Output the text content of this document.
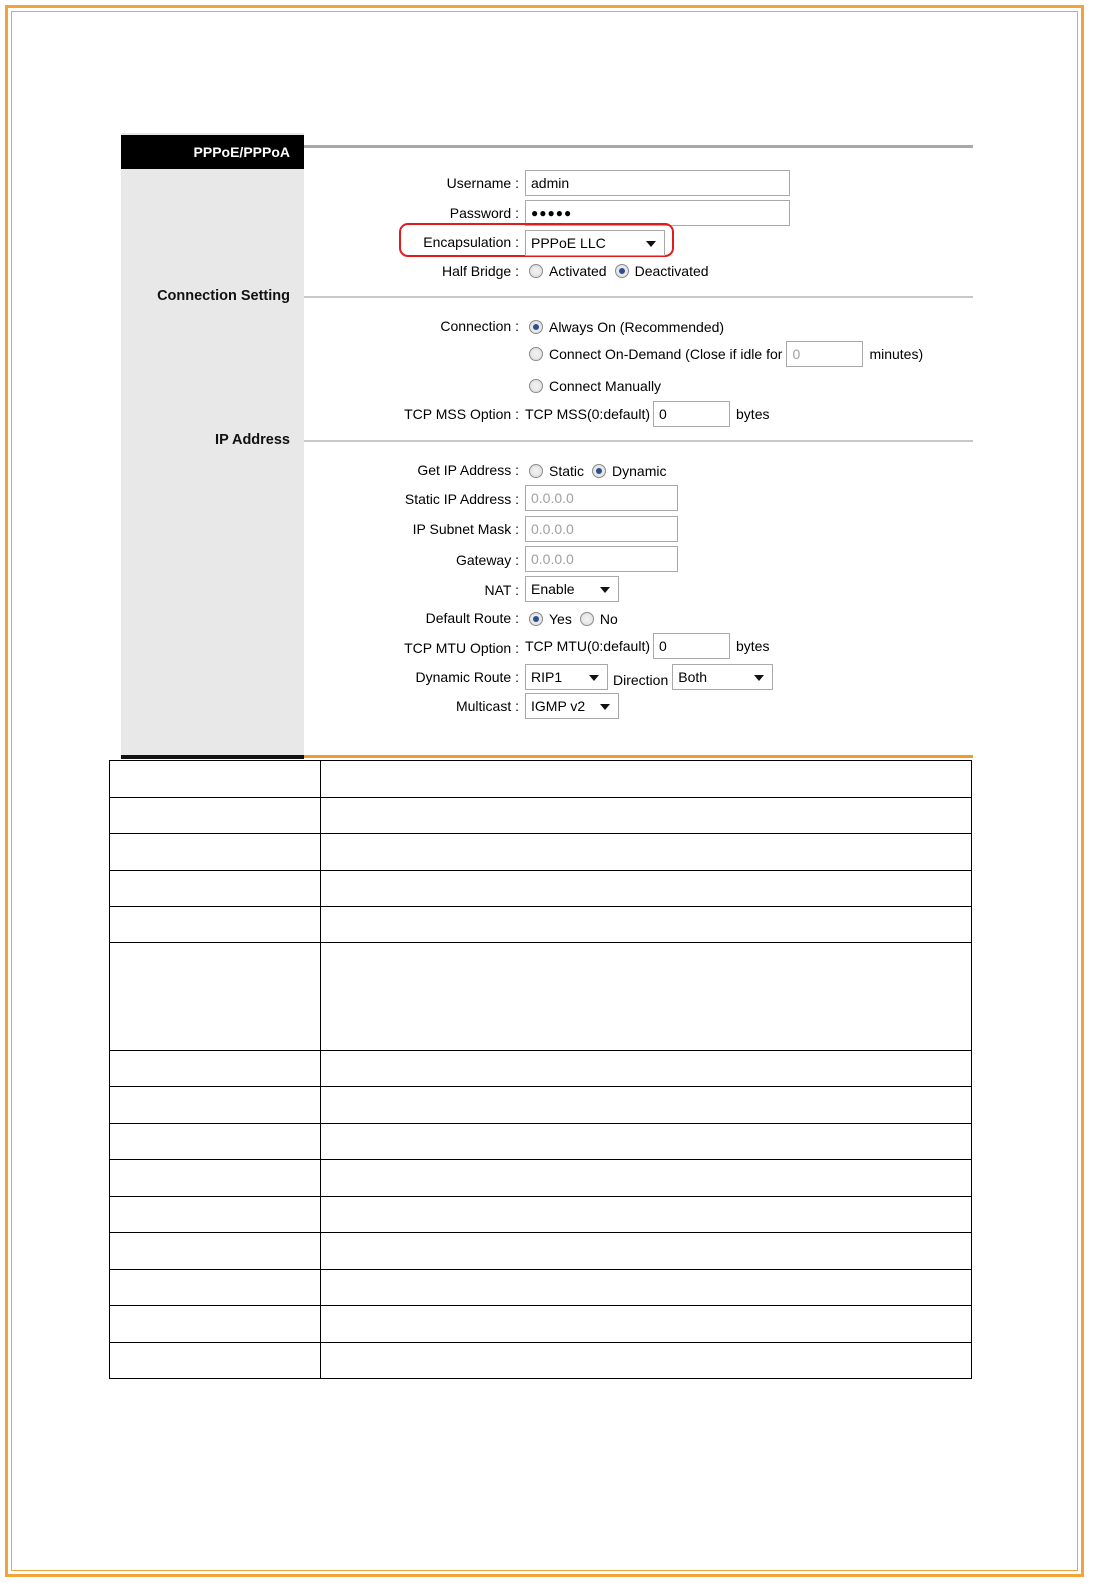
PPPoE/PPPoA
Connection Setting
IP Address
Username : admin
Password :	●●●●●
Encapsulation : PPPoE LLC
Half Bridge : Activated Deactivated
Connection : Always On (Recommended)
Connect On-Demand (Close if idle for 0	minutes)
Connect Manually
TCP MSS Option : TCP MSS(0:default) 0	bytes
Get IP Address : Static Dynamic
Static IP Address : 0.0.0.0
IP Subnet Mask : 0.0.0.0
Gateway : 0.0.0.0
NAT : Enable
Default Route : Yes No
TCP MTU Option : TCP MTU(0:default) 0	bytes
Dynamic Route : RIP1	Direction Both
Multicast : IGMP v2
